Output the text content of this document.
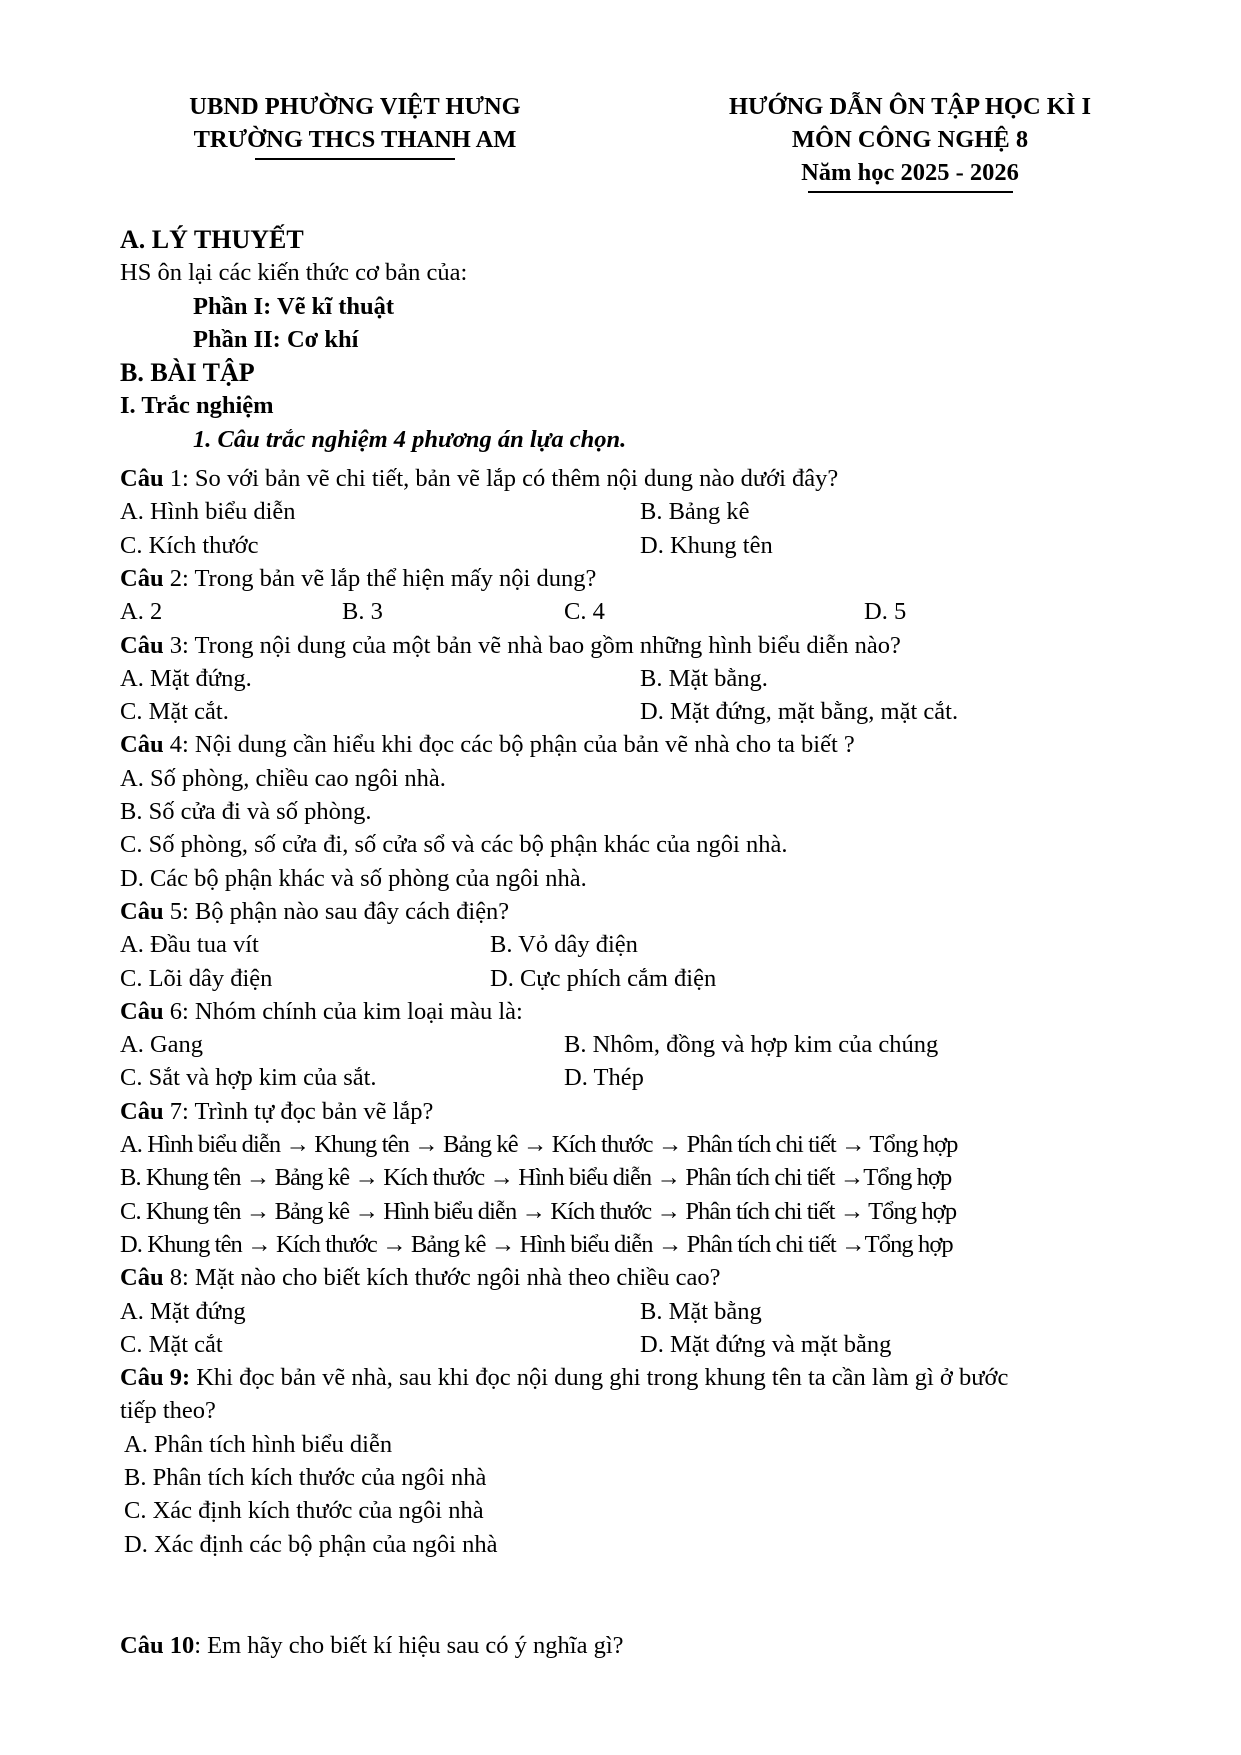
UBND PHƯỜNG VIỆT HƯNG
TRƯỜNG THCS THANH AM
HƯỚNG DẪN ÔN TẬP HỌC KÌ I
MÔN CÔNG NGHỆ 8
Năm học 2025 - 2026
A. LÝ THUYẾT
HS ôn lại các kiến thức cơ bản của:
Phần I: Vẽ kĩ thuật
Phần II: Cơ khí
B. BÀI TẬP
I. Trắc nghiệm
1. Câu trắc nghiệm 4 phương án lựa chọn.
Câu 1: So với bản vẽ chi tiết, bản vẽ lắp có thêm nội dung nào dưới đây?
A. Hình biểu diễn	B. Bảng kê
C. Kích thước	D. Khung tên
Câu 2: Trong bản vẽ lắp thể hiện mấy nội dung?
A. 2	B. 3	C. 4	D. 5
Câu 3: Trong nội dung của một bản vẽ nhà bao gồm những hình biểu diễn nào?
A. Mặt đứng.	B. Mặt bằng.
C. Mặt cắt.	D. Mặt đứng, mặt bằng, mặt cắt.
Câu 4: Nội dung cần hiểu khi đọc các bộ phận của bản vẽ nhà cho ta biết ?
A. Số phòng, chiều cao ngôi nhà.
B. Số cửa đi và số phòng.
C. Số phòng, số cửa đi, số cửa sổ và các bộ phận khác của ngôi nhà.
D. Các bộ phận khác và số phòng của ngôi nhà.
Câu 5: Bộ phận nào sau đây cách điện?
A. Đầu tua vít	B. Vỏ dây điện
C. Lõi dây điện	D. Cực phích cắm điện
Câu 6: Nhóm chính của kim loại màu là:
A. Gang	B. Nhôm, đồng và hợp kim của chúng
C. Sắt và hợp kim của sắt.	D. Thép
Câu 7: Trình tự đọc bản vẽ lắp?
A. Hình biểu diễn → Khung tên → Bảng kê → Kích thước → Phân tích chi tiết → Tổng hợp
B. Khung tên → Bảng kê → Kích thước → Hình biểu diễn → Phân tích chi tiết →Tổng hợp
C. Khung tên → Bảng kê → Hình biểu diễn → Kích thước → Phân tích chi tiết → Tổng hợp
D. Khung tên → Kích thước → Bảng kê → Hình biểu diễn → Phân tích chi tiết →Tổng hợp
Câu 8: Mặt nào cho biết kích thước ngôi nhà theo chiều cao?
A. Mặt đứng	B. Mặt bằng
C. Mặt cắt	D. Mặt đứng và mặt bằng
Câu 9: Khi đọc bản vẽ nhà, sau khi đọc nội dung ghi trong khung tên ta cần làm gì ở bước
tiếp theo?
A. Phân tích hình biểu diễn
B. Phân tích kích thước của ngôi nhà
C. Xác định kích thước của ngôi nhà
D. Xác định các bộ phận của ngôi nhà
Câu 10: Em hãy cho biết kí hiệu sau có ý nghĩa gì?
